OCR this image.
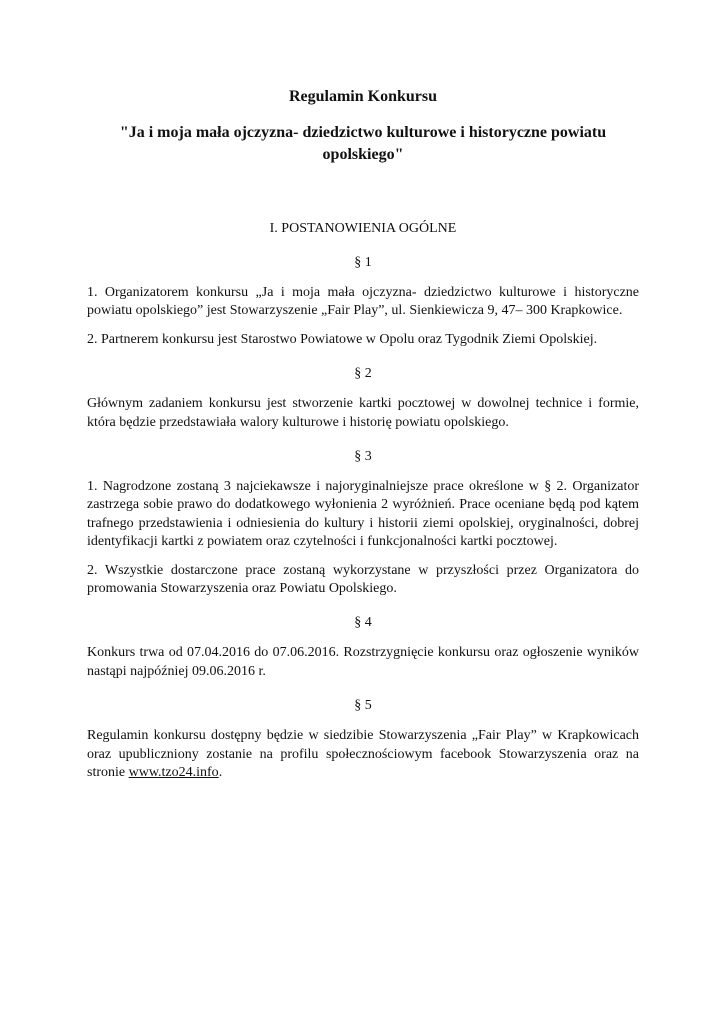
Regulamin Konkursu
"Ja i moja mała ojczyzna- dziedzictwo kulturowe i historyczne powiatu opolskiego"
I. POSTANOWIENIA OGÓLNE
§ 1

1. Organizatorem konkursu „Ja i moja mała ojczyzna- dziedzictwo kulturowe i historyczne powiatu opolskiego” jest Stowarzyszenie „Fair Play”, ul. Sienkiewicza 9, 47– 300 Krapkowice.

2. Partnerem konkursu jest Starostwo Powiatowe w Opolu oraz Tygodnik Ziemi Opolskiej.

§ 2

Głównym zadaniem konkursu jest stworzenie kartki pocztowej w dowolnej technice i formie, która będzie przedstawiała walory kulturowe i historię powiatu opolskiego.

§ 3

1. Nagrodzone zostaną 3 najciekawsze i najoryginalniejsze prace określone w § 2. Organizator zastrzega sobie prawo do dodatkowego wyłonienia 2 wyróżnień. Prace oceniane będą pod kątem trafnego przedstawienia i odniesienia do kultury i historii ziemi opolskiej, oryginalności, dobrej identyfikacji kartki z powiatem oraz czytelności i funkcjonalności kartki pocztowej.

2. Wszystkie dostarczone prace zostaną wykorzystane w przyszłości przez Organizatora do promowania Stowarzyszenia oraz Powiatu Opolskiego.

§ 4

Konkurs trwa od 07.04.2016 do 07.06.2016. Rozstrzygnięcie konkursu oraz ogłoszenie wyników nastąpi najpóźniej 09.06.2016 r.

§ 5

Regulamin konkursu dostępny będzie w siedzibie Stowarzyszenia „Fair Play” w Krapkowicach oraz upubliczniony zostanie na profilu społecznościowym facebook Stowarzyszenia oraz na stronie www.tzo24.info.
